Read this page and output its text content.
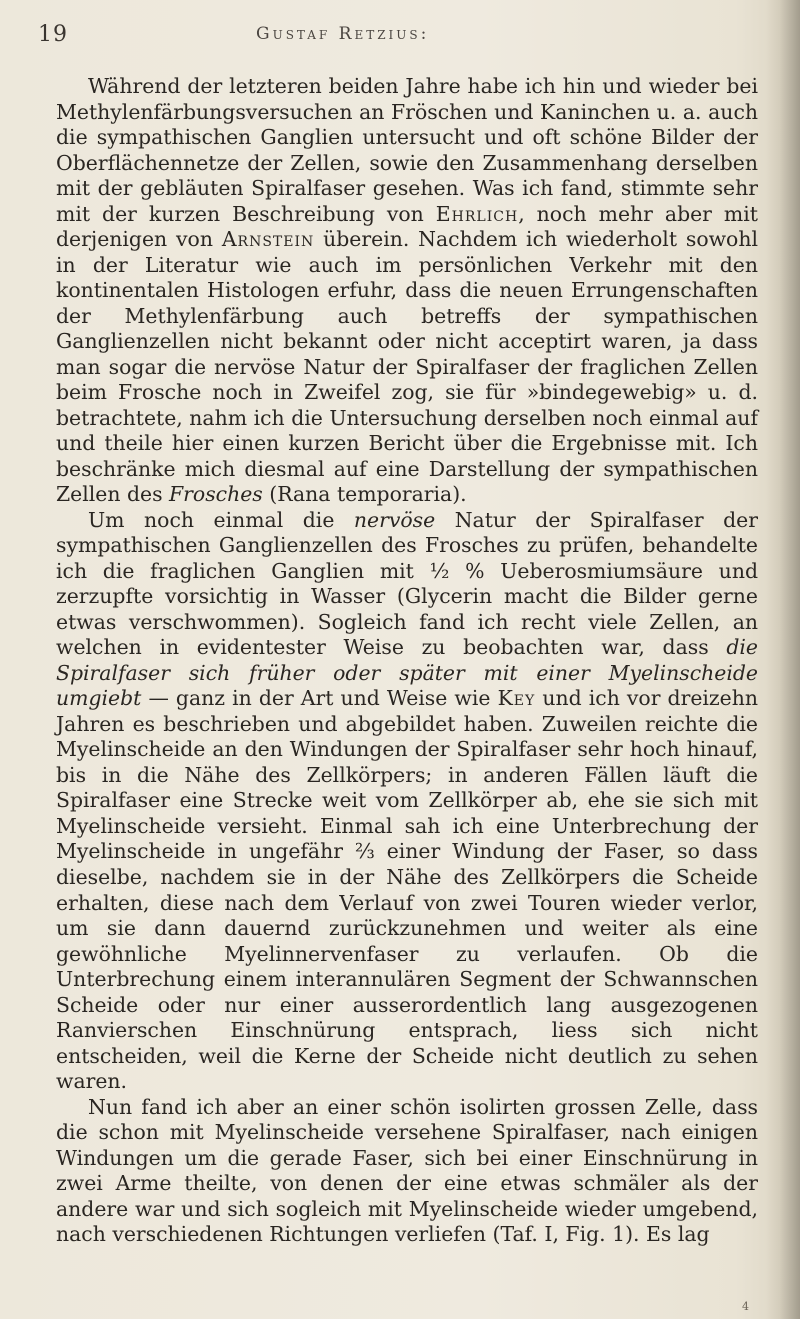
19	Gustaf Retzius:

Während der letzteren beiden Jahre habe ich hin und wieder bei Methylenfärbungsversuchen an Fröschen und Kaninchen u. a. auch die sympathischen Ganglien untersucht und oft schöne Bilder der Oberflächennetze der Zellen, sowie den Zusammenhang derselben mit der gebläuten Spiralfaser gesehen. Was ich fand, stimmte sehr mit der kurzen Beschreibung von Ehrlich, noch mehr aber mit derjenigen von Arnstein überein. Nachdem ich wiederholt sowohl in der Literatur wie auch im persönlichen Verkehr mit den kontinentalen Histologen erfuhr, dass die neuen Errungenschaften der Methylenfärbung auch betreffs der sympathischen Ganglienzellen nicht bekannt oder nicht acceptirt waren, ja dass man sogar die nervöse Natur der Spiralfaser der fraglichen Zellen beim Frosche noch in Zweifel zog, sie für »bindegewebig» u. d. betrachtete, nahm ich die Untersuchung derselben noch einmal auf und theile hier einen kurzen Bericht über die Ergebnisse mit. Ich beschränke mich diesmal auf eine Darstellung der sympathischen Zellen des Frosches (Rana temporaria).

Um noch einmal die nervöse Natur der Spiralfaser der sympathischen Ganglienzellen des Frosches zu prüfen, behandelte ich die fraglichen Ganglien mit ½ % Ueberosmiumsäure und zerzupfte vorsichtig in Wasser (Glycerin macht die Bilder gerne etwas verschwommen). Sogleich fand ich recht viele Zellen, an welchen in evidentester Weise zu beobachten war, dass die Spiralfaser sich früher oder später mit einer Myelinscheide umgiebt — ganz in der Art und Weise wie Key und ich vor dreizehn Jahren es beschrieben und abgebildet haben. Zuweilen reichte die Myelinscheide an den Windungen der Spiralfaser sehr hoch hinauf, bis in die Nähe des Zellkörpers; in anderen Fällen läuft die Spiralfaser eine Strecke weit vom Zellkörper ab, ehe sie sich mit Myelinscheide versieht. Einmal sah ich eine Unterbrechung der Myelinscheide in ungefähr ⅔ einer Windung der Faser, so dass dieselbe, nachdem sie in der Nähe des Zellkörpers die Scheide erhalten, diese nach dem Verlauf von zwei Touren wieder verlor, um sie dann dauernd zurückzunehmen und weiter als eine gewöhnliche Myelinnervenfaser zu verlaufen. Ob die Unterbrechung einem interannulären Segment der Schwannschen Scheide oder nur einer ausserordentlich lang ausgezogenen Ranvierschen Einschnürung entsprach, liess sich nicht entscheiden, weil die Kerne der Scheide nicht deutlich zu sehen waren.

Nun fand ich aber an einer schön isolirten grossen Zelle, dass die schon mit Myelinscheide versehene Spiralfaser, nach einigen Windungen um die gerade Faser, sich bei einer Einschnürung in zwei Arme theilte, von denen der eine etwas schmäler als der andere war und sich sogleich mit Myelinscheide wieder umgebend, nach verschiedenen Richtungen verliefen (Taf. I, Fig. 1). Es lag

4
